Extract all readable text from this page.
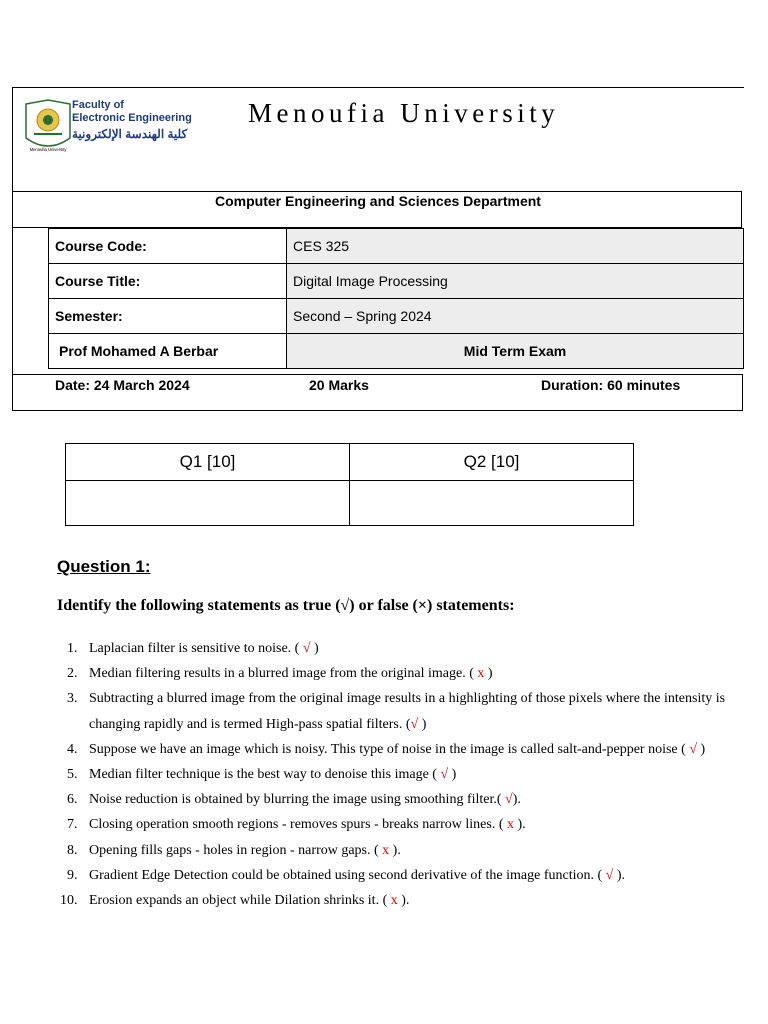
Menoufia University
Faculty of
Electronic Engineering
كلية الهندسة الإلكترونية
Menoufia University
Computer Engineering and Sciences Department
Course Code:	CES 325
Course Title:	Digital Image Processing
Semester:	Second – Spring 2024
Prof Mohamed A Berbar	Mid Term Exam
Date: 24 March 2024	20 Marks	Duration: 60 minutes
Q1 [10]	Q2 [10]

Question 1:
Identify the following statements as true (√) or false (×) statements:
1. Laplacian filter is sensitive to noise. ( √ )
2. Median filtering results in a blurred image from the original image. ( x )
3. Subtracting a blurred image from the original image results in a highlighting of those pixels where the intensity is changing rapidly and is termed High-pass spatial filters. (√ )
4. Suppose we have an image which is noisy. This type of noise in the image is called salt-and-pepper noise ( √ )
5. Median filter technique is the best way to denoise this image ( √ )
6. Noise reduction is obtained by blurring the image using smoothing filter.( √).
7. Closing operation smooth regions - removes spurs - breaks narrow lines. ( x ).
8. Opening fills gaps - holes in region - narrow gaps. ( x ).
9. Gradient Edge Detection could be obtained using second derivative of the image function. ( √ ).
10. Erosion expands an object while Dilation shrinks it. ( x ).
